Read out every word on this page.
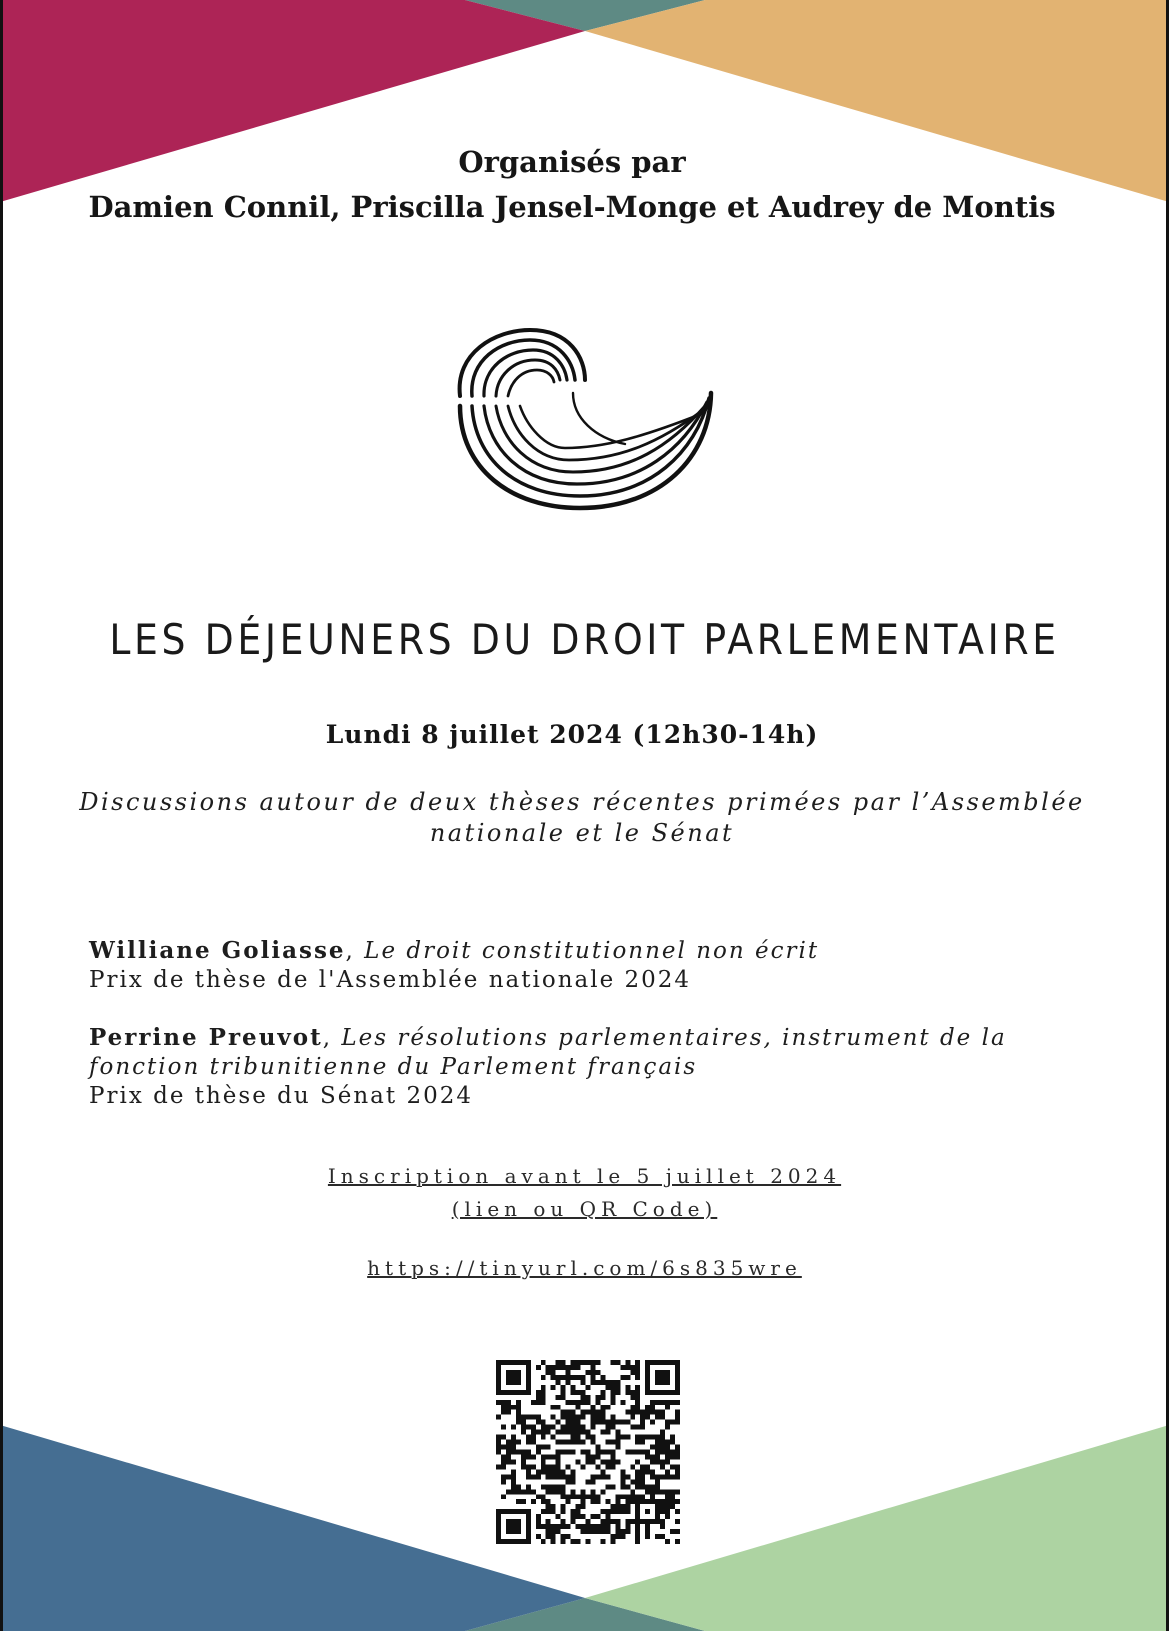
Organisés par
Damien Connil, Priscilla Jensel-Monge et Audrey de Montis
LES DÉJEUNERS DU DROIT PARLEMENTAIRE
Lundi 8 juillet 2024 (12h30-14h)
Discussions autour de deux thèses récentes primées par l’Assemblée
nationale et le Sénat
Williane Goliasse, Le droit constitutionnel non écrit
Prix de thèse de l'Assemblée nationale 2024
Perrine Preuvot, Les résolutions parlementaires, instrument de la
fonction tribunitienne du Parlement français
Prix de thèse du Sénat 2024
Inscription avant le 5 juillet 2024
(lien ou QR Code)
https://tinyurl.com/6s835wre
